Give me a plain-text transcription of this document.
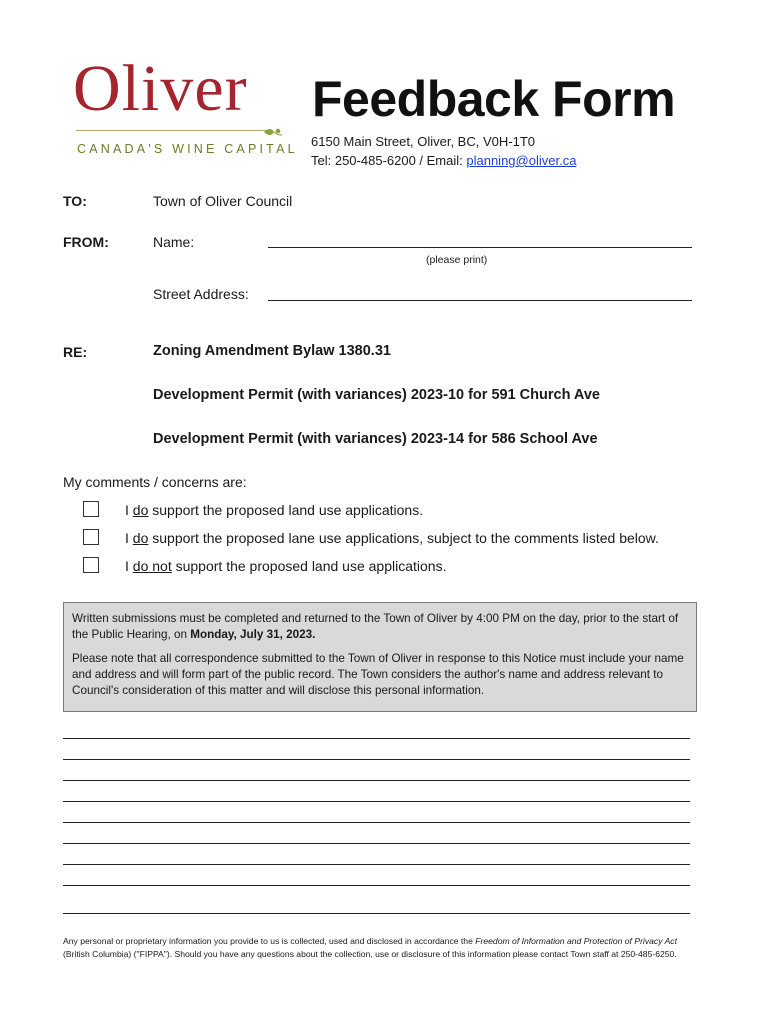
Oliver
CANADA'S WINE CAPITAL
Feedback Form
6150 Main Street, Oliver, BC, V0H-1T0
Tel: 250-485-6200 / Email: planning@oliver.ca
TO:	Town of Oliver Council
FROM:	Name:
(please print)
Street Address:
RE:	Zoning Amendment Bylaw 1380.31
Development Permit (with variances) 2023-10 for 591 Church Ave
Development Permit (with variances) 2023-14 for 586 School Ave
My comments / concerns are:
I do support the proposed land use applications.
I do support the proposed lane use applications, subject to the comments listed below.
I do not support the proposed land use applications.

Written submissions must be completed and returned to the Town of Oliver by 4:00 PM on the day, prior to the start of the Public Hearing, on Monday, July 31, 2023.

Please note that all correspondence submitted to the Town of Oliver in response to this Notice must include your name and address and will form part of the public record. The Town considers the author's name and address relevant to Council's consideration of this matter and will disclose this personal information.

Any personal or proprietary information you provide to us is collected, used and disclosed in accordance the Freedom of Information and Protection of Privacy Act (British Columbia) ("FIPPA"). Should you have any questions about the collection, use or disclosure of this information please contact Town staff at 250-485-6250.
